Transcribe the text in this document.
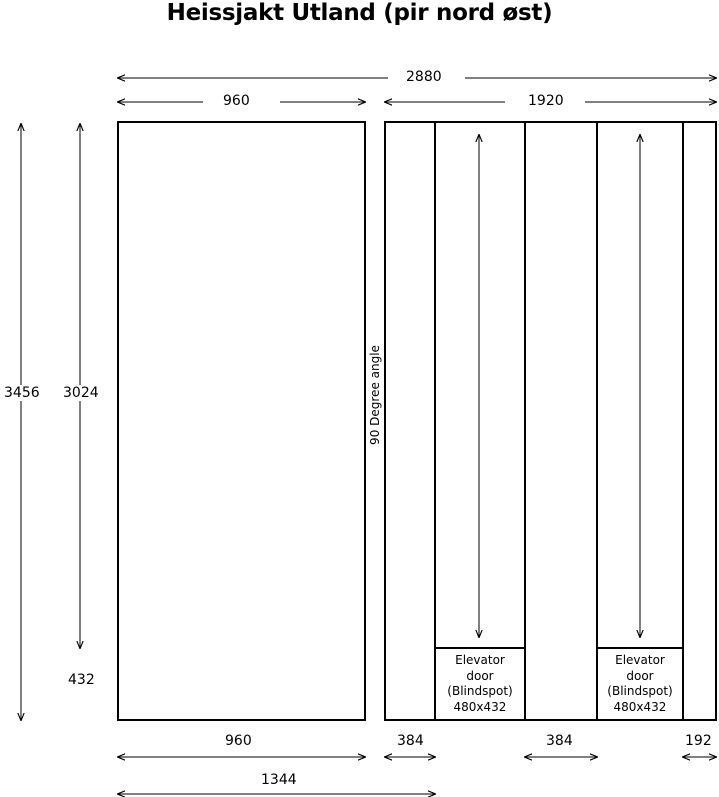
Heissjakt Utland (pir nord øst)
2880
960	1920
3456 3024
432
90 Degree angle
Elevator
door
(Blindspot)
480x432
Elevator
door
(Blindspot)
480x432
960	384	384	192
1344
